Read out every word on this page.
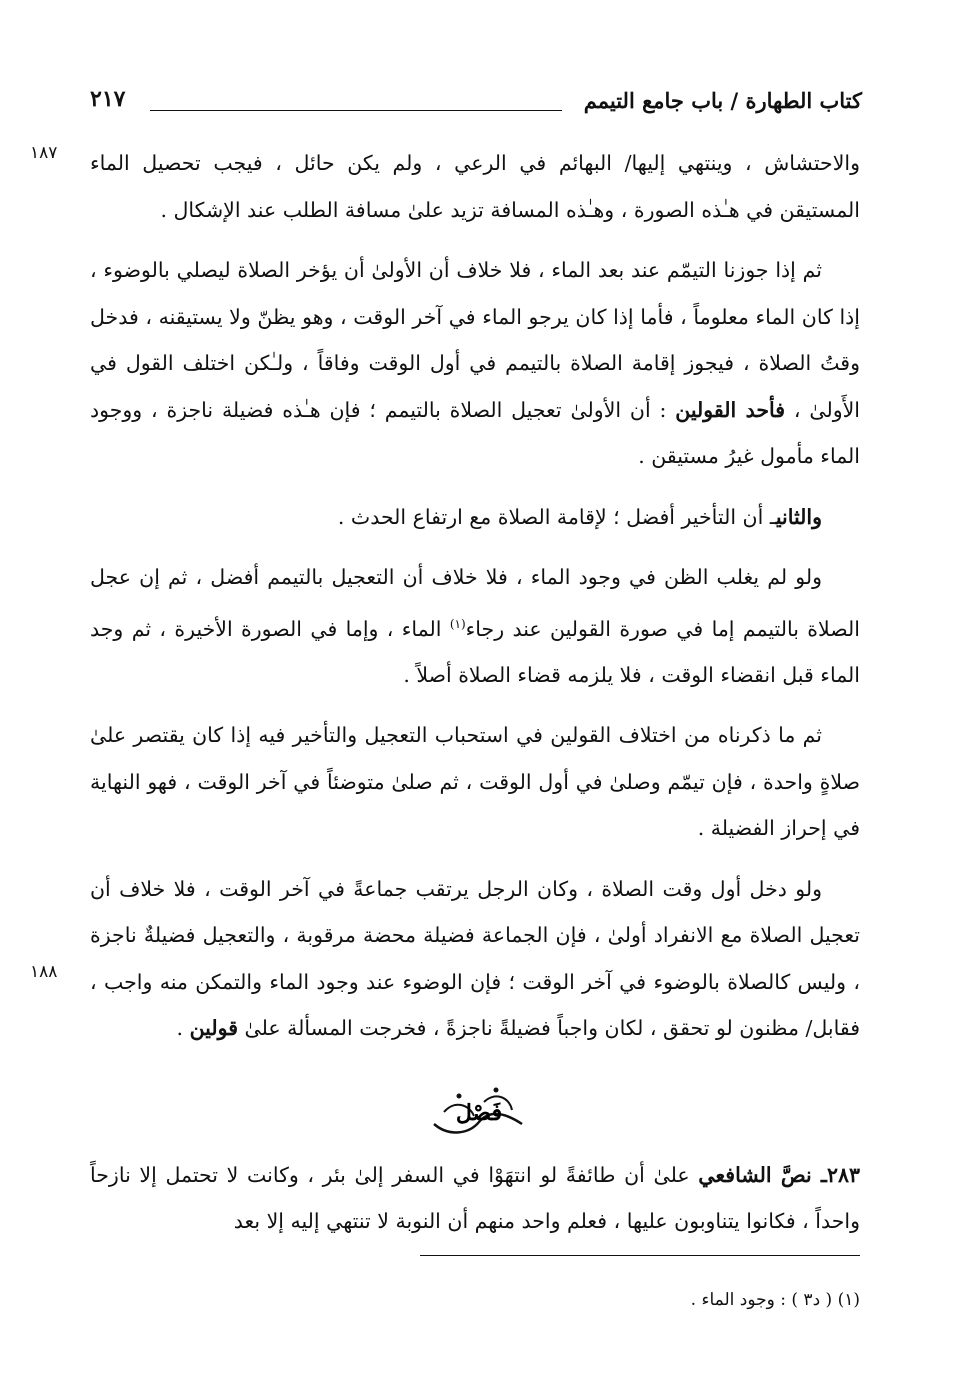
كتاب الطهارة / باب جامع التيمم
٢١٧
١٨٧
١٨٨

والاحتشاش ، وينتهي إليها/ البهائم في الرعي ، ولم يكن حائل ، فيجب تحصيل الماء المستيقن في هـٰذه الصورة ، وهـٰذه المسافة تزيد علىٰ مسافة الطلب عند الإشكال .

ثم إذا جوزنا التيمّم عند بعد الماء ، فلا خلاف أن الأولىٰ أن يؤخر الصلاة ليصلي بالوضوء ، إذا كان الماء معلوماً ، فأما إذا كان يرجو الماء في آخر الوقت ، وهو يظنّ ولا يستيقنه ، فدخل وقتُ الصلاة ، فيجوز إقامة الصلاة بالتيمم في أول الوقت وفاقاً ، ولـٰكن اختلف القول في الأَولىٰ ، فأحد القولين : أن الأولىٰ تعجيل الصلاة بالتيمم ؛ فإن هـٰذه فضيلة ناجزة ، ووجود الماء مأمول غيرُ مستيقن .

والثانيـ أن التأخير أفضل ؛ لإقامة الصلاة مع ارتفاع الحدث .

ولو لم يغلب الظن في وجود الماء ، فلا خلاف أن التعجيل بالتيمم أفضل ، ثم إن عجل الصلاة بالتيمم إما في صورة القولين عند رجاء$^{(١)}$ الماء ، وإما في الصورة الأخيرة ، ثم وجد الماء قبل انقضاء الوقت ، فلا يلزمه قضاء الصلاة أصلاً .

ثم ما ذكرناه من اختلاف القولين في استحباب التعجيل والتأخير فيه إذا كان يقتصر علىٰ صلاةٍ واحدة ، فإن تيمّم وصلىٰ في أول الوقت ، ثم صلىٰ متوضئاً في آخر الوقت ، فهو النهاية في إحراز الفضيلة .

ولو دخل أول وقت الصلاة ، وكان الرجل يرتقب جماعةً في آخر الوقت ، فلا خلاف أن تعجيل الصلاة مع الانفراد أولىٰ ، فإن الجماعة فضيلة محضة مرقوبة ، والتعجيل فضيلةٌ ناجزة ، وليس كالصلاة بالوضوء في آخر الوقت ؛ فإن الوضوء عند وجود الماء والتمكن منه واجب ، فقابل/ مظنون لو تحقق ، لكان واجباً فضيلةً ناجزةً ، فخرجت المسألة علىٰ قولين .

فَصْل
٢٨٣ـ نصَّ الشافعي علىٰ أن طائفةً لو انتهَوْا في السفر إلىٰ بئر ، وكانت لا تحتمل إلا نازحاً واحداً ، فكانوا يتناوبون عليها ، فعلم واحد منهم أن النوبة لا تنتهي إليه إلا بعد
(١) ( د٣ ) : وجود الماء .
